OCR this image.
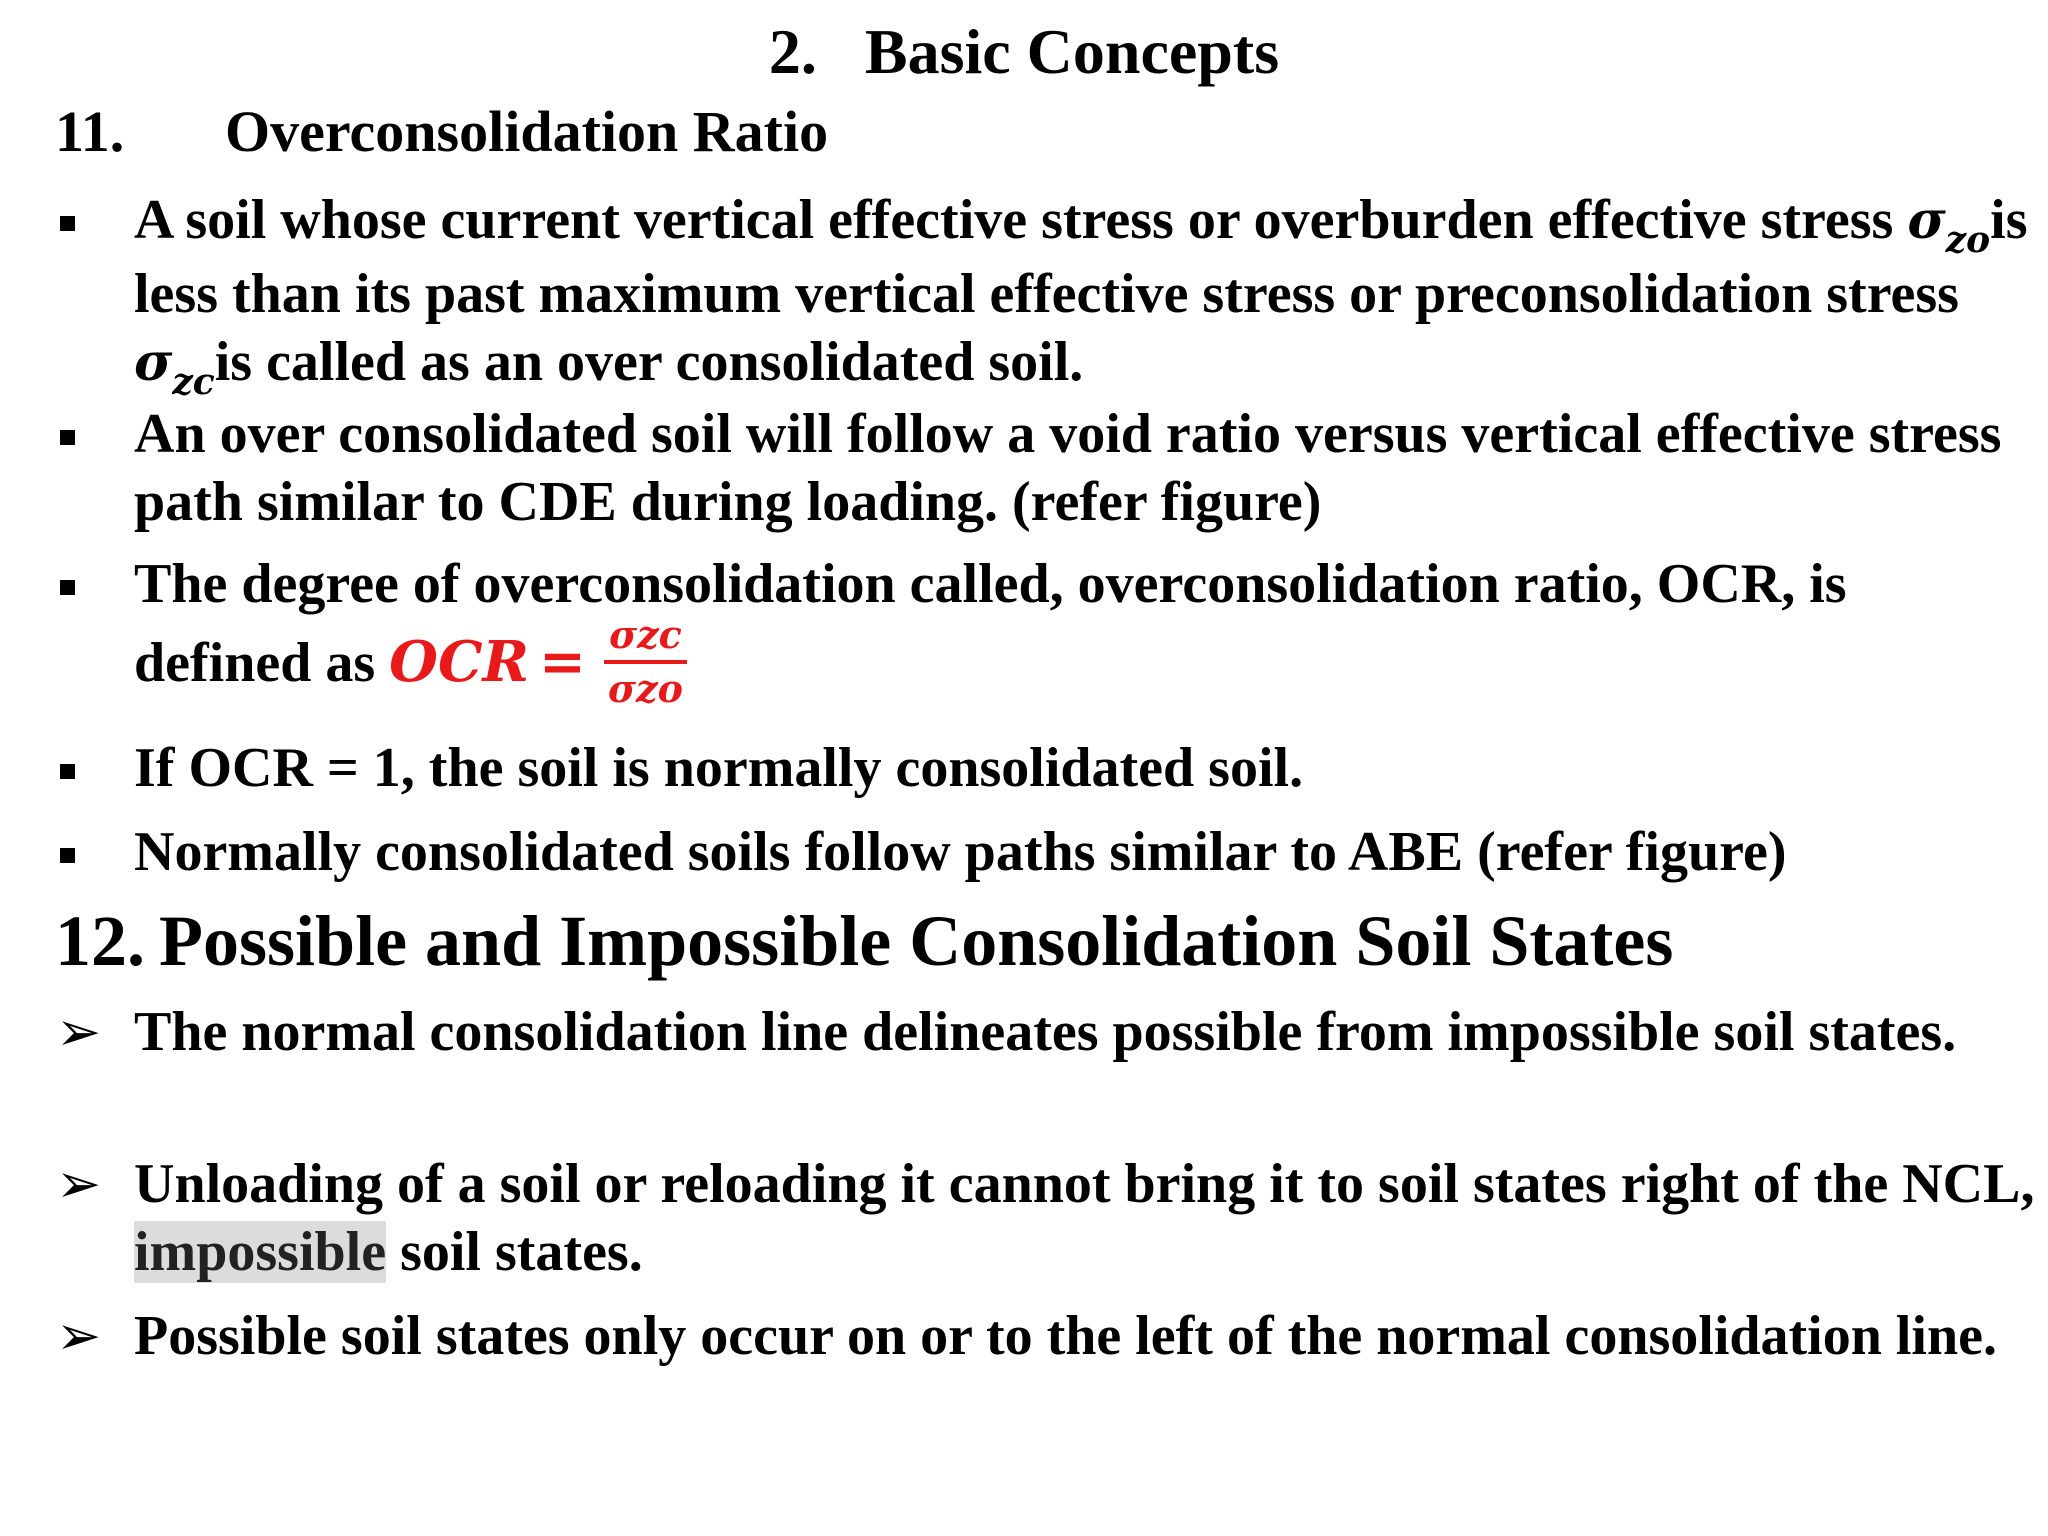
2.   Basic Concepts
11. Overconsolidation Ratio
A soil whose current vertical effective stress or overburden effective stress $\sigma_{zo}is$ less than its past maximum vertical effective stress or preconsolidation stress $\sigma_{zc}is$ called as an over consolidated soil.
An over consolidated soil will follow a void ratio versus vertical effective stress path similar to CDE during loading. (refer figure)
The degree of overconsolidation called, overconsolidation ratio, OCR, is defined as OCR = $\frac{\text{σzc}}{\text{σzo}}$
If OCR = 1, the soil is normally consolidated soil.
Normally consolidated soils follow paths similar to ABE (refer figure)
12. Possible and Impossible Consolidation Soil States
➢ The normal consolidation line delineates possible from impossible soil states.
➢ Unloading of a soil or reloading it cannot bring it to soil states right of the NCL, impossible soil states.
➢ Possible soil states only occur on or to the left of the normal consolidation line.
